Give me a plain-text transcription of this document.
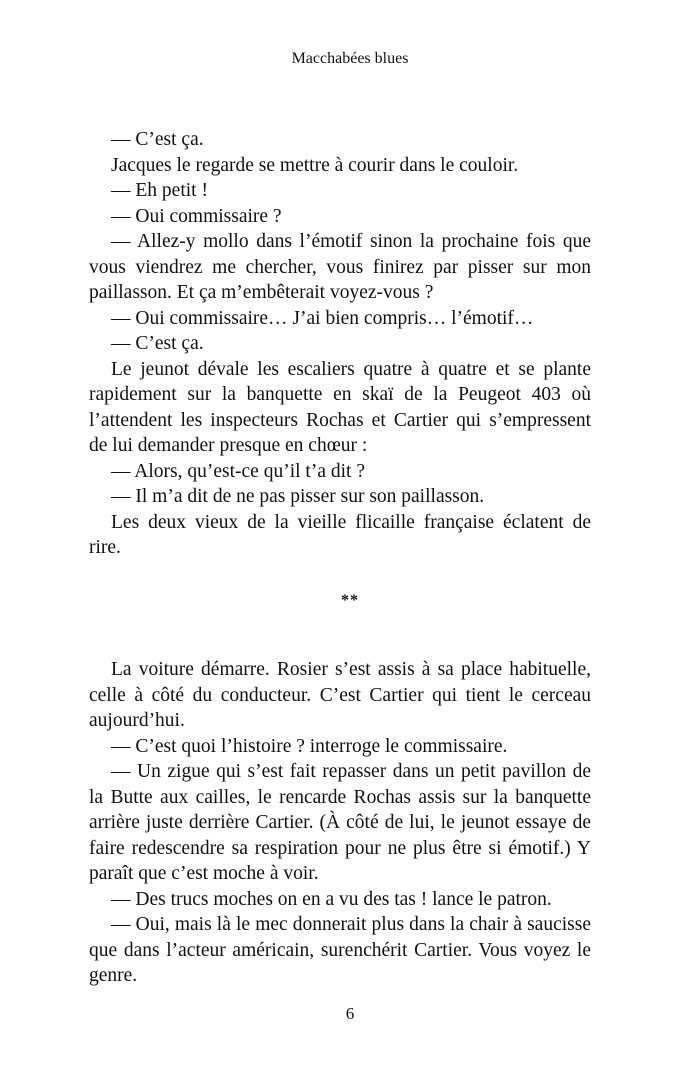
Macchabées blues

— C’est ça.

Jacques le regarde se mettre à courir dans le couloir.

— Eh petit !

— Oui commissaire ?

— Allez-y mollo dans l’émotif sinon la prochaine fois que vous viendrez me chercher, vous finirez par pisser sur mon paillasson. Et ça m’embêterait voyez-vous ?

— Oui commissaire… J’ai bien compris… l’émotif…

— C’est ça.

Le jeunot dévale les escaliers quatre à quatre et se plante rapidement sur la banquette en skaï de la Peugeot 403 où l’attendent les inspecteurs Rochas et Cartier qui s’empressent de lui demander presque en chœur :

— Alors, qu’est-ce qu’il t’a dit ?

— Il m’a dit de ne pas pisser sur son paillasson.

Les deux vieux de la vieille flicaille française éclatent de rire.

**

La voiture démarre. Rosier s’est assis à sa place habituelle, celle à côté du conducteur. C’est Cartier qui tient le cerceau aujourd’hui.

— C’est quoi l’histoire ? interroge le commissaire.

— Un zigue qui s’est fait repasser dans un petit pavillon de la Butte aux cailles, le rencarde Rochas assis sur la banquette arrière juste derrière Cartier. (À côté de lui, le jeunot essaye de faire redescendre sa respiration pour ne plus être si émotif.) Y paraît que c’est moche à voir.

— Des trucs moches on en a vu des tas ! lance le patron.

— Oui, mais là le mec donnerait plus dans la chair à saucisse que dans l’acteur américain, surenchérit Cartier. Vous voyez le genre.

6
